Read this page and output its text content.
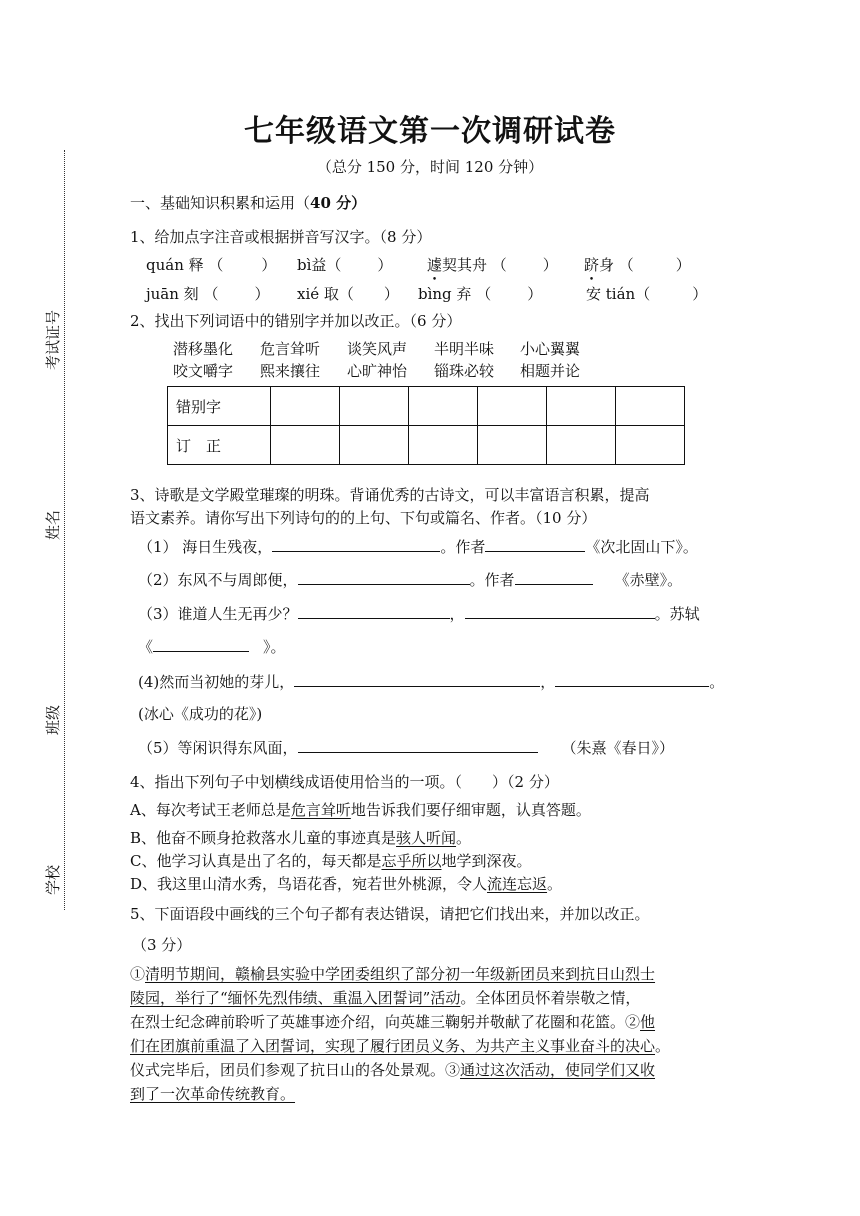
七年级语文第一次调研试卷
（总分 150 分，时间 120 分钟）
考试证号
姓名
班级
学校
一、基础知识积累和运用（40 分）
1、给加点字注音或根据拼音写汉字。（8 分）
quán 释 （	） bì益（ ） 遽契其舟 （ ） 跻身 （	）
juān 刻 （ ） xié 取（ ） bìng 弃 （ ）	安 tián（	）
2、找出下列词语中的错别字并加以改正。（6 分）
潜移墨化 危言耸听 谈笑风声 半明半味 小心翼翼
咬文嚼字 熙来攘往 心旷神怡 锱珠必较 相题并论
错别字						
订　正						
3、诗歌是文学殿堂璀璨的明珠。背诵优秀的古诗文，可以丰富语言积累，提高
语文素养。请你写出下列诗句的的上句、下句或篇名、作者。（10 分）
（1） 海日生残夜，	。作者	《次北固山下》。
（2）东风不与周郎便，	。作者	《赤壁》。
（3）谁道人生无再少？	，	。苏轼
《	》。
(4)然而当初她的芽儿，	，	。
(冰心《成功的花》)
（5）等闲识得东风面，	（朱熹《春日》）
4、指出下列句子中划横线成语使用恰当的一项。（　　）（2 分）
A、每次考试王老师总是危言耸听地告诉我们要仔细审题，认真答题。
B、他奋不顾身抢救落水儿童的事迹真是骇人听闻。
C、他学习认真是出了名的，每天都是忘乎所以地学到深夜。
D、我这里山清水秀，鸟语花香，宛若世外桃源，令人流连忘返。
5、下面语段中画线的三个句子都有表达错误，请把它们找出来，并加以改正。
（3 分）
①清明节期间，赣榆县实验中学团委组织了部分初一年级新团员来到抗日山烈士
陵园，举行了“缅怀先烈伟绩、重温入团誓词”活动。全体团员怀着崇敬之情，
在烈士纪念碑前聆听了英雄事迹介绍，向英雄三鞠躬并敬献了花圈和花篮。②他
们在团旗前重温了入团誓词，实现了履行团员义务、为共产主义事业奋斗的决心。
仪式完毕后，团员们参观了抗日山的各处景观。③通过这次活动，使同学们又收
到了一次革命传统教育。
